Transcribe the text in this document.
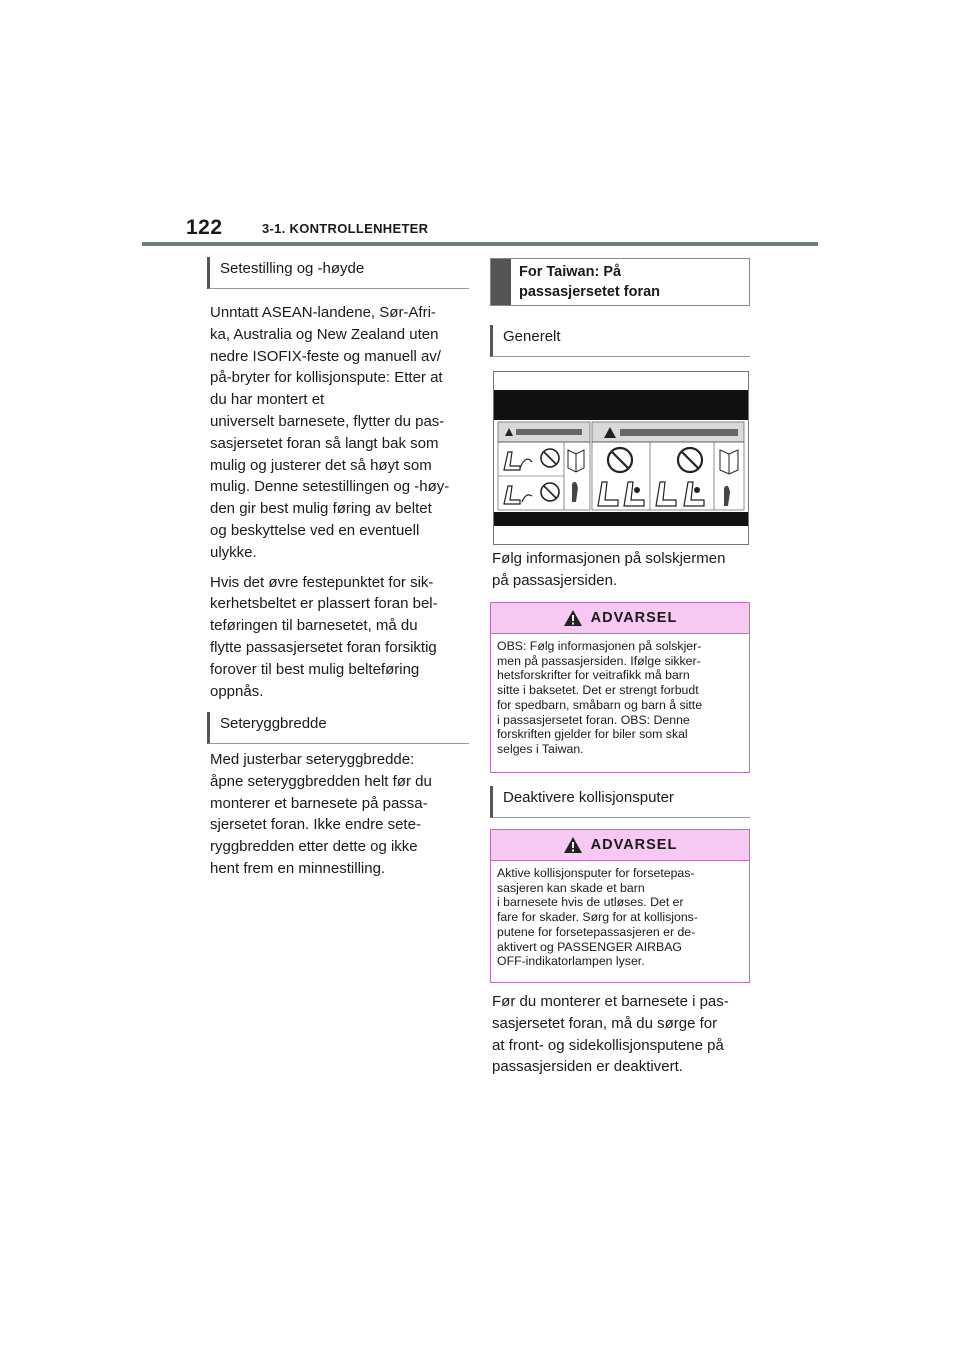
122	3-1. KONTROLLENHETER
Setestilling og -høyde

Unntatt ASEAN-landene, Sør-Afri-
ka, Australia og New Zealand uten
nedre ISOFIX-feste og manuell av/
på-bryter for kollisjonspute: Etter at
du har montert et
universelt barnesete, flytter du pas-
sasjersetet foran så langt bak som
mulig og justerer det så høyt som
mulig. Denne setestillingen og -høy-
den gir best mulig føring av beltet
og beskyttelse ved en eventuell
ulykke.

Hvis det øvre festepunktet for sik-
kerhetsbeltet er plassert foran bel-
teføringen til barnesetet, må du
flytte passasjersetet foran forsiktig
forover til best mulig belteføring
oppnås.

Seteryggbredde

Med justerbar seteryggbredde:
åpne seteryggbredden helt før du
monterer et barnesete på passa-
sjersetet foran. Ikke endre sete-
ryggbredden etter dette og ikke
hent frem en minnestilling.

For Taiwan: På
passasjersetet foran
Generelt
Følg informasjonen på solskjermen
på passasjersiden.
ADVARSEL
OBS: Følg informasjonen på solskjer-
men på passasjersiden. Ifølge sikker-
hetsforskrifter for veitrafikk må barn
sitte i baksetet. Det er strengt forbudt
for spedbarn, småbarn og barn å sitte
i passasjersetet foran. OBS: Denne
forskriften gjelder for biler som skal
selges i Taiwan.
Deaktivere kollisjonsputer
ADVARSEL
Aktive kollisjonsputer for forsetepas-
sasjeren kan skade et barn
i barnesete hvis de utløses. Det er
fare for skader. Sørg for at kollisjons-
putene for forsetepassasjeren er de-
aktivert og PASSENGER AIRBAG
OFF-indikatorlampen lyser.
Før du monterer et barnesete i pas-
sasjersetet foran, må du sørge for
at front- og sidekollisjonsputene på
passasjersiden er deaktivert.
